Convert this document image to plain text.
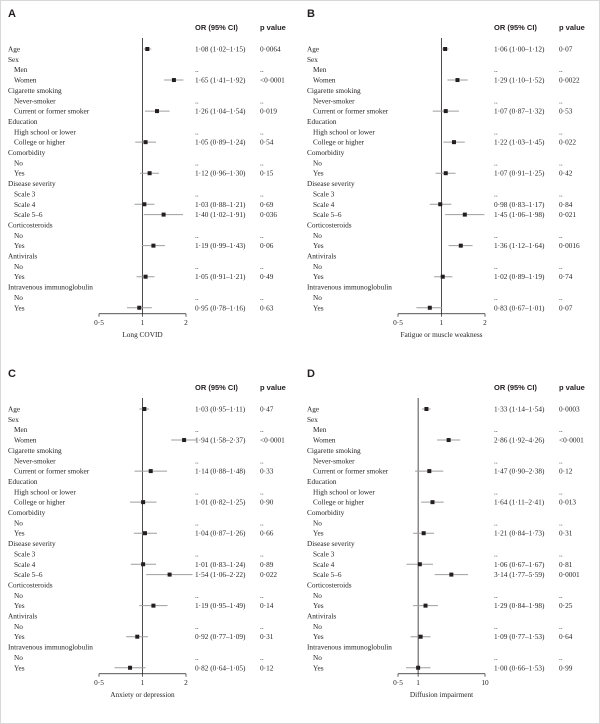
A
OR (95% CI)	p value
0·5	1	2
Long COVID
Age	1·08 (1·02–1·15) 0·0064
Sex
Men	..	..
Women	1·65 (1·41–1·92) <0·0001
Cigarette smoking
Never-smoker	..	..
Current or former smoker	1·26 (1·04–1·54) 0·019
Education
High school or lower	..	..
College or higher	1·05 (0·89–1·24) 0·54
Comorbidity
No	..	..
Yes	1·12 (0·96–1·30) 0·15
Disease severity
Scale 3	..	..
Scale 4	1·03 (0·88–1·21) 0·69
Scale 5–6	1·40 (1·02–1·91) 0·036
Corticosteroids
No	..	..
Yes	1·19 (0·99–1·43) 0·06
Antivirals
No	..	..
Yes	1·05 (0·91–1·21) 0·49
Intravenous immunoglobulin
No	..	..
Yes	0·95 (0·78–1·16) 0·63
B
OR (95% CI)	p value
0·5	1	2
Fatigue or muscle weakness
Age	1·06 (1·00–1·12) 0·07
Sex
Men	..	..
Women	1·29 (1·10–1·52) 0·0022
Cigarette smoking
Never-smoker	..	..
Current or former smoker	1·07 (0·87–1·32) 0·53
Education
High school or lower	..	..
College or higher	1·22 (1·03–1·45) 0·022
Comorbidity
No	..	..
Yes	1·07 (0·91–1·25) 0·42
Disease severity
Scale 3	..	..
Scale 4	0·98 (0·83–1·17) 0·84
Scale 5–6	1·45 (1·06–1·98) 0·021
Corticosteroids
No	..	..
Yes	1·36 (1·12–1·64) 0·0016
Antivirals
No	..	..
Yes	1·02 (0·89–1·19) 0·74
Intravenous immunoglobulin
No	..	..
Yes	0·83 (0·67–1·01) 0·07
C
OR (95% CI)	p value
0·5	1	2
Anxiety or depression
Age	1·03 (0·95–1·11) 0·47
Sex
Men	..	..
Women	1·94 (1·58–2·37) <0·0001
Cigarette smoking
Never-smoker	..	..
Current or former smoker	1·14 (0·88–1·48) 0·33
Education
High school or lower	..	..
College or higher	1·01 (0·82–1·25) 0·90
Comorbidity
No	..	..
Yes	1·04 (0·87–1·26) 0·66
Disease severity
Scale 3	..	..
Scale 4	1·01 (0·83–1·24) 0·89
Scale 5–6	1·54 (1·06–2·22) 0·022
Corticosteroids
No	..	..
Yes	1·19 (0·95–1·49) 0·14
Antivirals
No	..	..
Yes	0·92 (0·77–1·09) 0·31
Intravenous immunoglobulin
No	..	..
Yes	0·82 (0·64–1·05) 0·12
D
OR (95% CI)	p value
0·5 1	10
Diffusion impairment
Age	1·33 (1·14–1·54) 0·0003
Sex
Men	..	..
Women	2·86 (1·92–4·26) <0·0001
Cigarette smoking
Never-smoker	..	..
Current or former smoker	1·47 (0·90–2·38) 0·12
Education
High school or lower	..	..
College or higher	1·64 (1·11–2·41) 0·013
Comorbidity
No	..	..
Yes	1·21 (0·84–1·73) 0·31
Disease severity
Scale 3	..	..
Scale 4	1·06 (0·67–1·67) 0·81
Scale 5–6	3·14 (1·77–5·59) 0·0001
Corticosteroids
No	..	..
Yes	1·29 (0·84–1·98) 0·25
Antivirals
No	..	..
Yes	1·09 (0·77–1·53) 0·64
Intravenous immunoglobulin
No	..	..
Yes	1·00 (0·66–1·53) 0·99
